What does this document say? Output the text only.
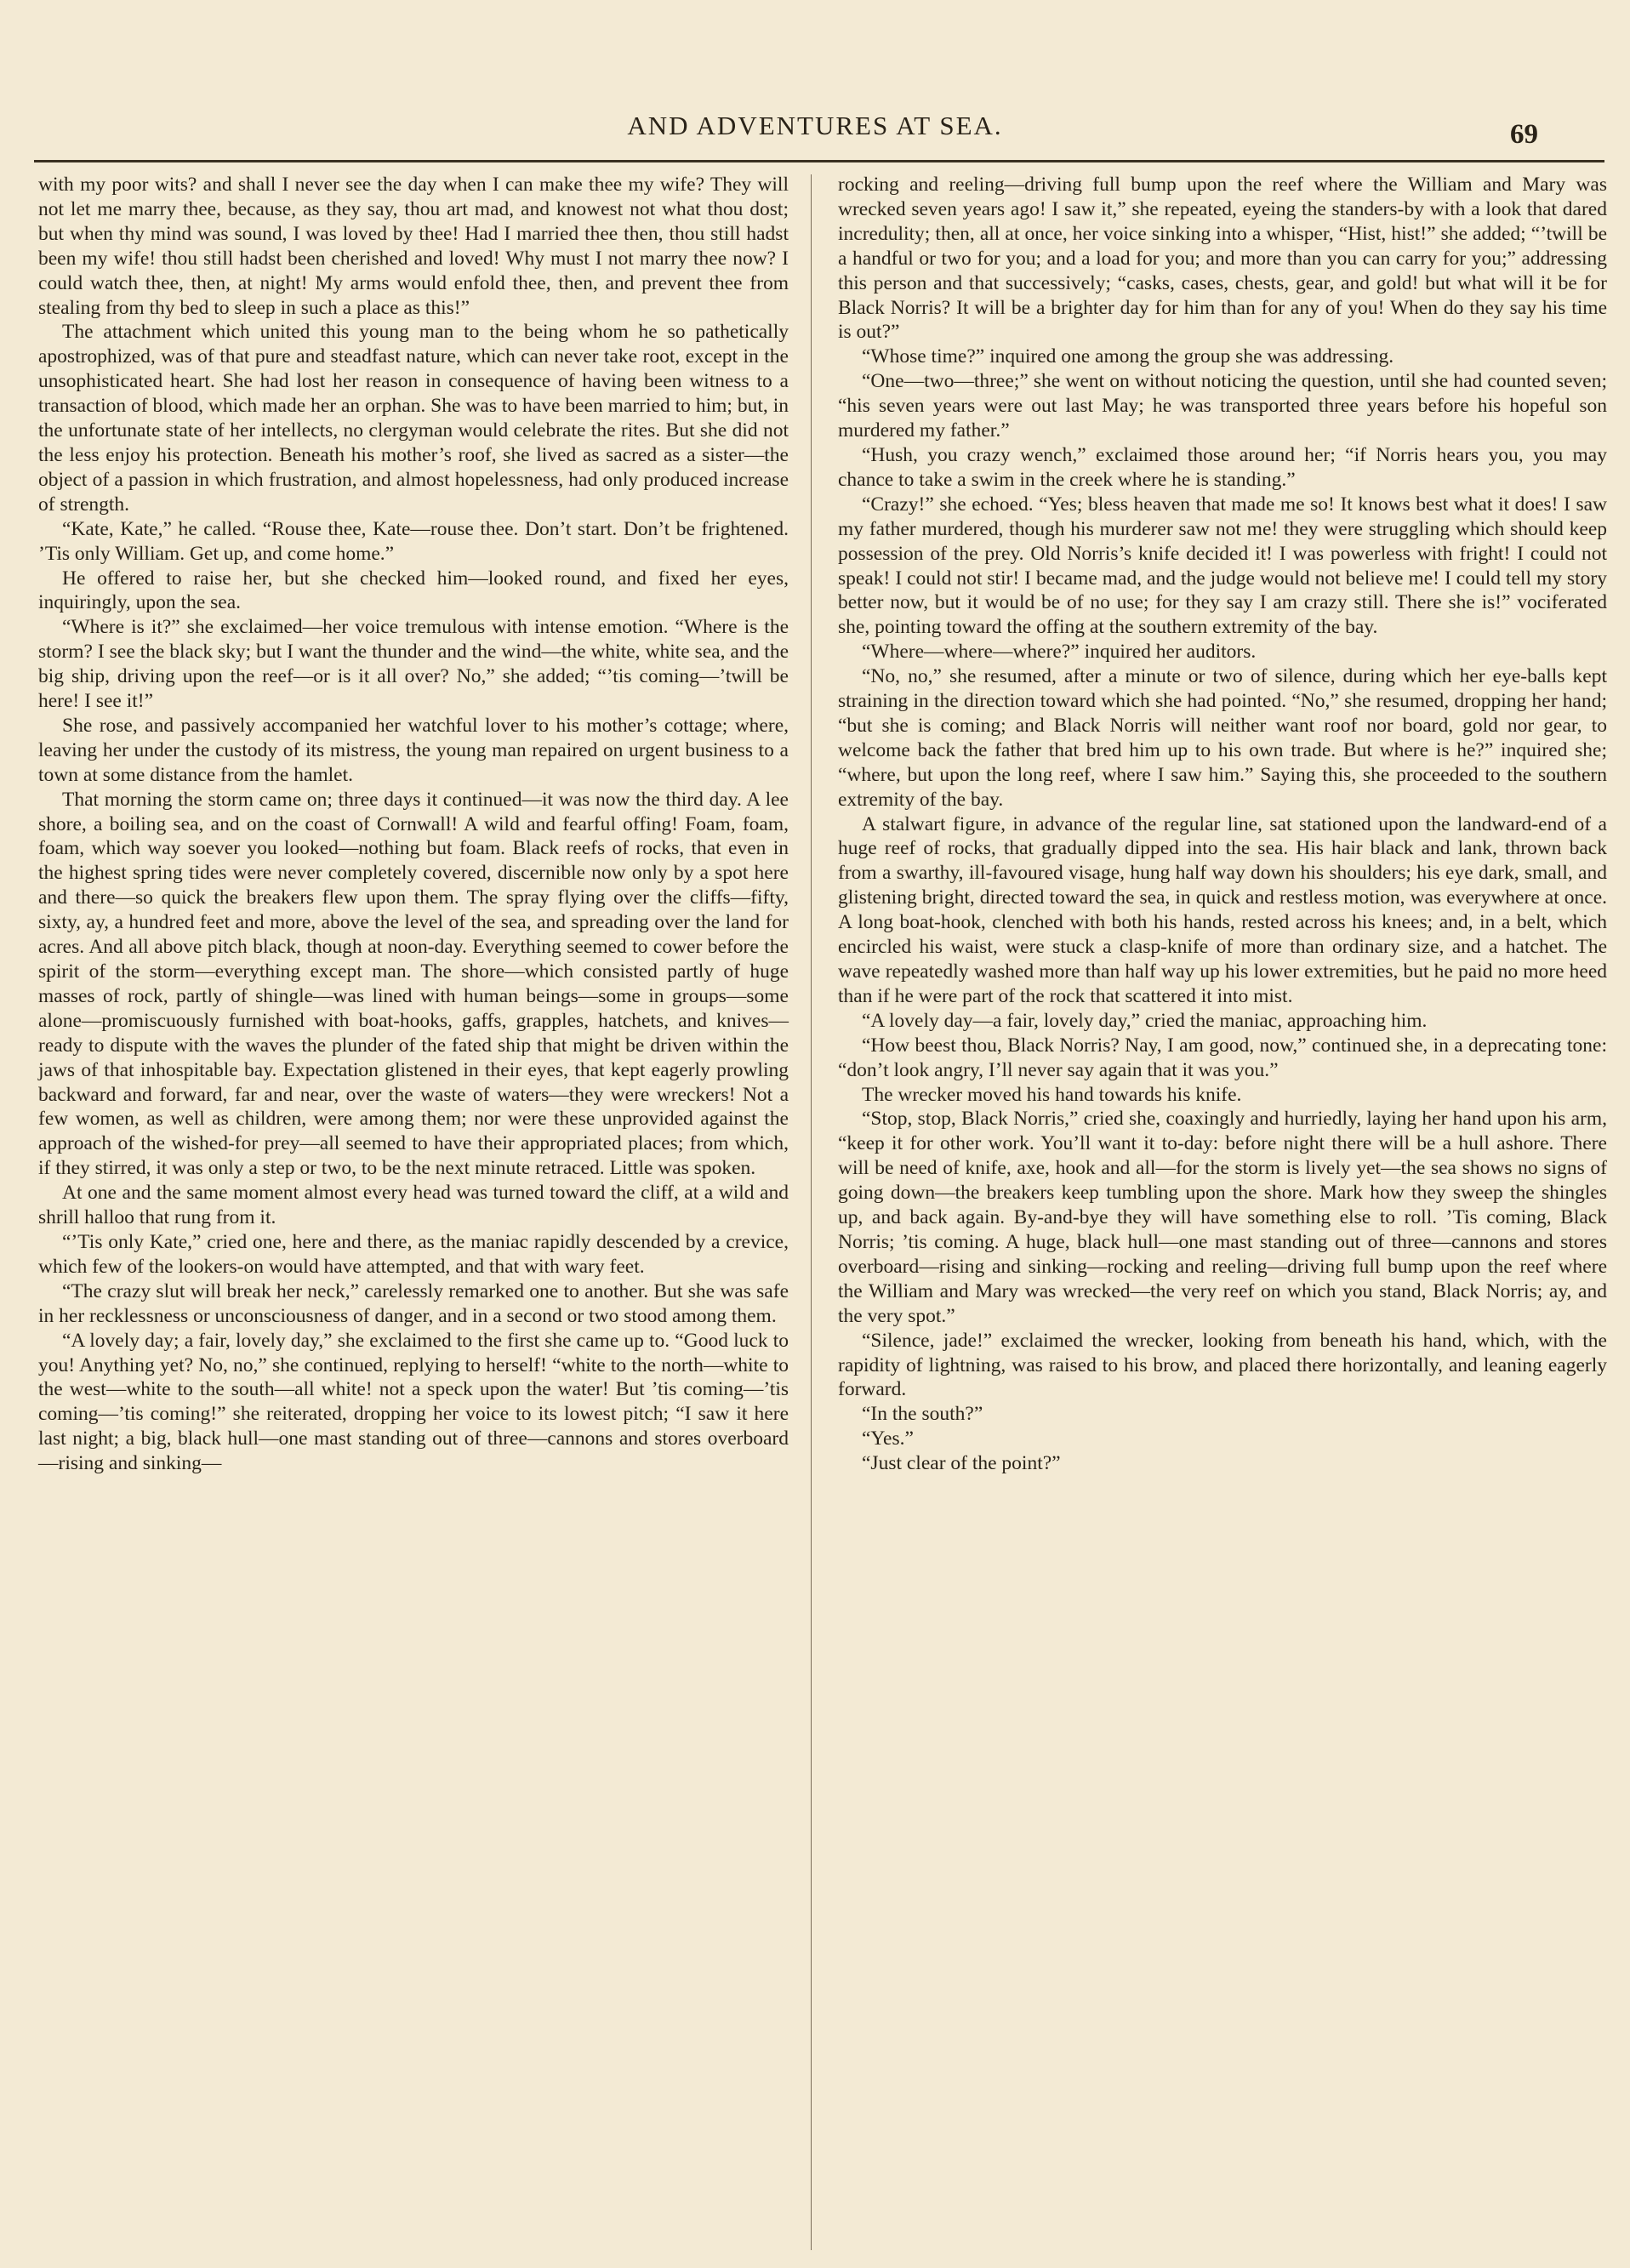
AND ADVENTURES AT SEA.	69

with my poor wits? and shall I never see the day when I can make thee my wife? They will not let me marry thee, because, as they say, thou art mad, and knowest not what thou dost; but when thy mind was sound, I was loved by thee! Had I married thee then, thou still hadst been my wife! thou still hadst been cherished and loved! Why must I not marry thee now? I could watch thee, then, at night! My arms would enfold thee, then, and prevent thee from stealing from thy bed to sleep in such a place as this!”

The attachment which united this young man to the being whom he so pathetically apostrophized, was of that pure and steadfast nature, which can never take root, except in the unsophisticated heart. She had lost her reason in consequence of having been witness to a transaction of blood, which made her an orphan. She was to have been married to him; but, in the unfortunate state of her intellects, no clergyman would celebrate the rites. But she did not the less enjoy his protection. Beneath his mother’s roof, she lived as sacred as a sister—the object of a passion in which frustration, and almost hopelessness, had only produced increase of strength.

“Kate, Kate,” he called. “Rouse thee, Kate—rouse thee. Don’t start. Don’t be frightened. ’Tis only William. Get up, and come home.”

He offered to raise her, but she checked him—looked round, and fixed her eyes, inquiringly, upon the sea.

“Where is it?” she exclaimed—her voice tremulous with intense emotion. “Where is the storm? I see the black sky; but I want the thunder and the wind—the white, white sea, and the big ship, driving upon the reef—or is it all over? No,” she added; “’tis coming—’twill be here! I see it!”

She rose, and passively accompanied her watchful lover to his mother’s cottage; where, leaving her under the custody of its mistress, the young man repaired on urgent business to a town at some distance from the hamlet.

That morning the storm came on; three days it continued—it was now the third day. A lee shore, a boiling sea, and on the coast of Cornwall! A wild and fearful offing! Foam, foam, foam, which way soever you looked—nothing but foam. Black reefs of rocks, that even in the highest spring tides were never completely covered, discernible now only by a spot here and there—so quick the breakers flew upon them. The spray flying over the cliffs—fifty, sixty, ay, a hundred feet and more, above the level of the sea, and spreading over the land for acres. And all above pitch black, though at noon-day. Everything seemed to cower before the spirit of the storm—everything except man. The shore—which consisted partly of huge masses of rock, partly of shingle—was lined with human beings—some in groups—some alone—promiscuously furnished with boat-hooks, gaffs, grapples, hatchets, and knives—ready to dispute with the waves the plunder of the fated ship that might be driven within the jaws of that inhospitable bay. Expectation glistened in their eyes, that kept eagerly prowling backward and forward, far and near, over the waste of waters—they were wreckers! Not a few women, as well as children, were among them; nor were these unprovided against the approach of the wished-for prey—all seemed to have their appropriated places; from which, if they stirred, it was only a step or two, to be the next minute retraced. Little was spoken.

At one and the same moment almost every head was turned toward the cliff, at a wild and shrill halloo that rung from it.

“’Tis only Kate,” cried one, here and there, as the maniac rapidly descended by a crevice, which few of the lookers-on would have attempted, and that with wary feet.

“The crazy slut will break her neck,” carelessly remarked one to another. But she was safe in her recklessness or unconsciousness of danger, and in a second or two stood among them.

“A lovely day; a fair, lovely day,” she exclaimed to the first she came up to. “Good luck to you! Anything yet? No, no,” she continued, replying to herself! “white to the north—white to the west—white to the south—all white! not a speck upon the water! But ’tis coming—’tis coming—’tis coming!” she reiterated, dropping her voice to its lowest pitch; “I saw it here last night; a big, black hull—one mast standing out of three—cannons and stores overboard—rising and sinking—

rocking and reeling—driving full bump upon the reef where the William and Mary was wrecked seven years ago! I saw it,” she repeated, eyeing the standers-by with a look that dared incredulity; then, all at once, her voice sinking into a whisper, “Hist, hist!” she added; “’twill be a handful or two for you; and a load for you; and more than you can carry for you;” addressing this person and that successively; “casks, cases, chests, gear, and gold! but what will it be for Black Norris? It will be a brighter day for him than for any of you! When do they say his time is out?”

“Whose time?” inquired one among the group she was addressing.

“One—two—three;” she went on without noticing the question, until she had counted seven; “his seven years were out last May; he was transported three years before his hopeful son murdered my father.”

“Hush, you crazy wench,” exclaimed those around her; “if Norris hears you, you may chance to take a swim in the creek where he is standing.”

“Crazy!” she echoed. “Yes; bless heaven that made me so! It knows best what it does! I saw my father murdered, though his murderer saw not me! they were struggling which should keep possession of the prey. Old Norris’s knife decided it! I was powerless with fright! I could not speak! I could not stir! I became mad, and the judge would not believe me! I could tell my story better now, but it would be of no use; for they say I am crazy still. There she is!” vociferated she, pointing toward the offing at the southern extremity of the bay.

“Where—where—where?” inquired her auditors.

“No, no,” she resumed, after a minute or two of silence, during which her eye-balls kept straining in the direction toward which she had pointed. “No,” she resumed, dropping her hand; “but she is coming; and Black Norris will neither want roof nor board, gold nor gear, to welcome back the father that bred him up to his own trade. But where is he?” inquired she; “where, but upon the long reef, where I saw him.” Saying this, she proceeded to the southern extremity of the bay.

A stalwart figure, in advance of the regular line, sat stationed upon the landward-end of a huge reef of rocks, that gradually dipped into the sea. His hair black and lank, thrown back from a swarthy, ill-favoured visage, hung half way down his shoulders; his eye dark, small, and glistening bright, directed toward the sea, in quick and restless motion, was everywhere at once. A long boat-hook, clenched with both his hands, rested across his knees; and, in a belt, which encircled his waist, were stuck a clasp-knife of more than ordinary size, and a hatchet. The wave repeatedly washed more than half way up his lower extremities, but he paid no more heed than if he were part of the rock that scattered it into mist.

“A lovely day—a fair, lovely day,” cried the maniac, approaching him.

“How beest thou, Black Norris? Nay, I am good, now,” continued she, in a deprecating tone: “don’t look angry, I’ll never say again that it was you.”

The wrecker moved his hand towards his knife.

“Stop, stop, Black Norris,” cried she, coaxingly and hurriedly, laying her hand upon his arm, “keep it for other work. You’ll want it to-day: before night there will be a hull ashore. There will be need of knife, axe, hook and all—for the storm is lively yet—the sea shows no signs of going down—the breakers keep tumbling upon the shore. Mark how they sweep the shingles up, and back again. By-and-bye they will have something else to roll. ’Tis coming, Black Norris; ’tis coming. A huge, black hull—one mast standing out of three—cannons and stores overboard—rising and sinking—rocking and reeling—driving full bump upon the reef where the William and Mary was wrecked—the very reef on which you stand, Black Norris; ay, and the very spot.”

“Silence, jade!” exclaimed the wrecker, looking from beneath his hand, which, with the rapidity of lightning, was raised to his brow, and placed there horizontally, and leaning eagerly forward.

“In the south?”

“Yes.”

“Just clear of the point?”
